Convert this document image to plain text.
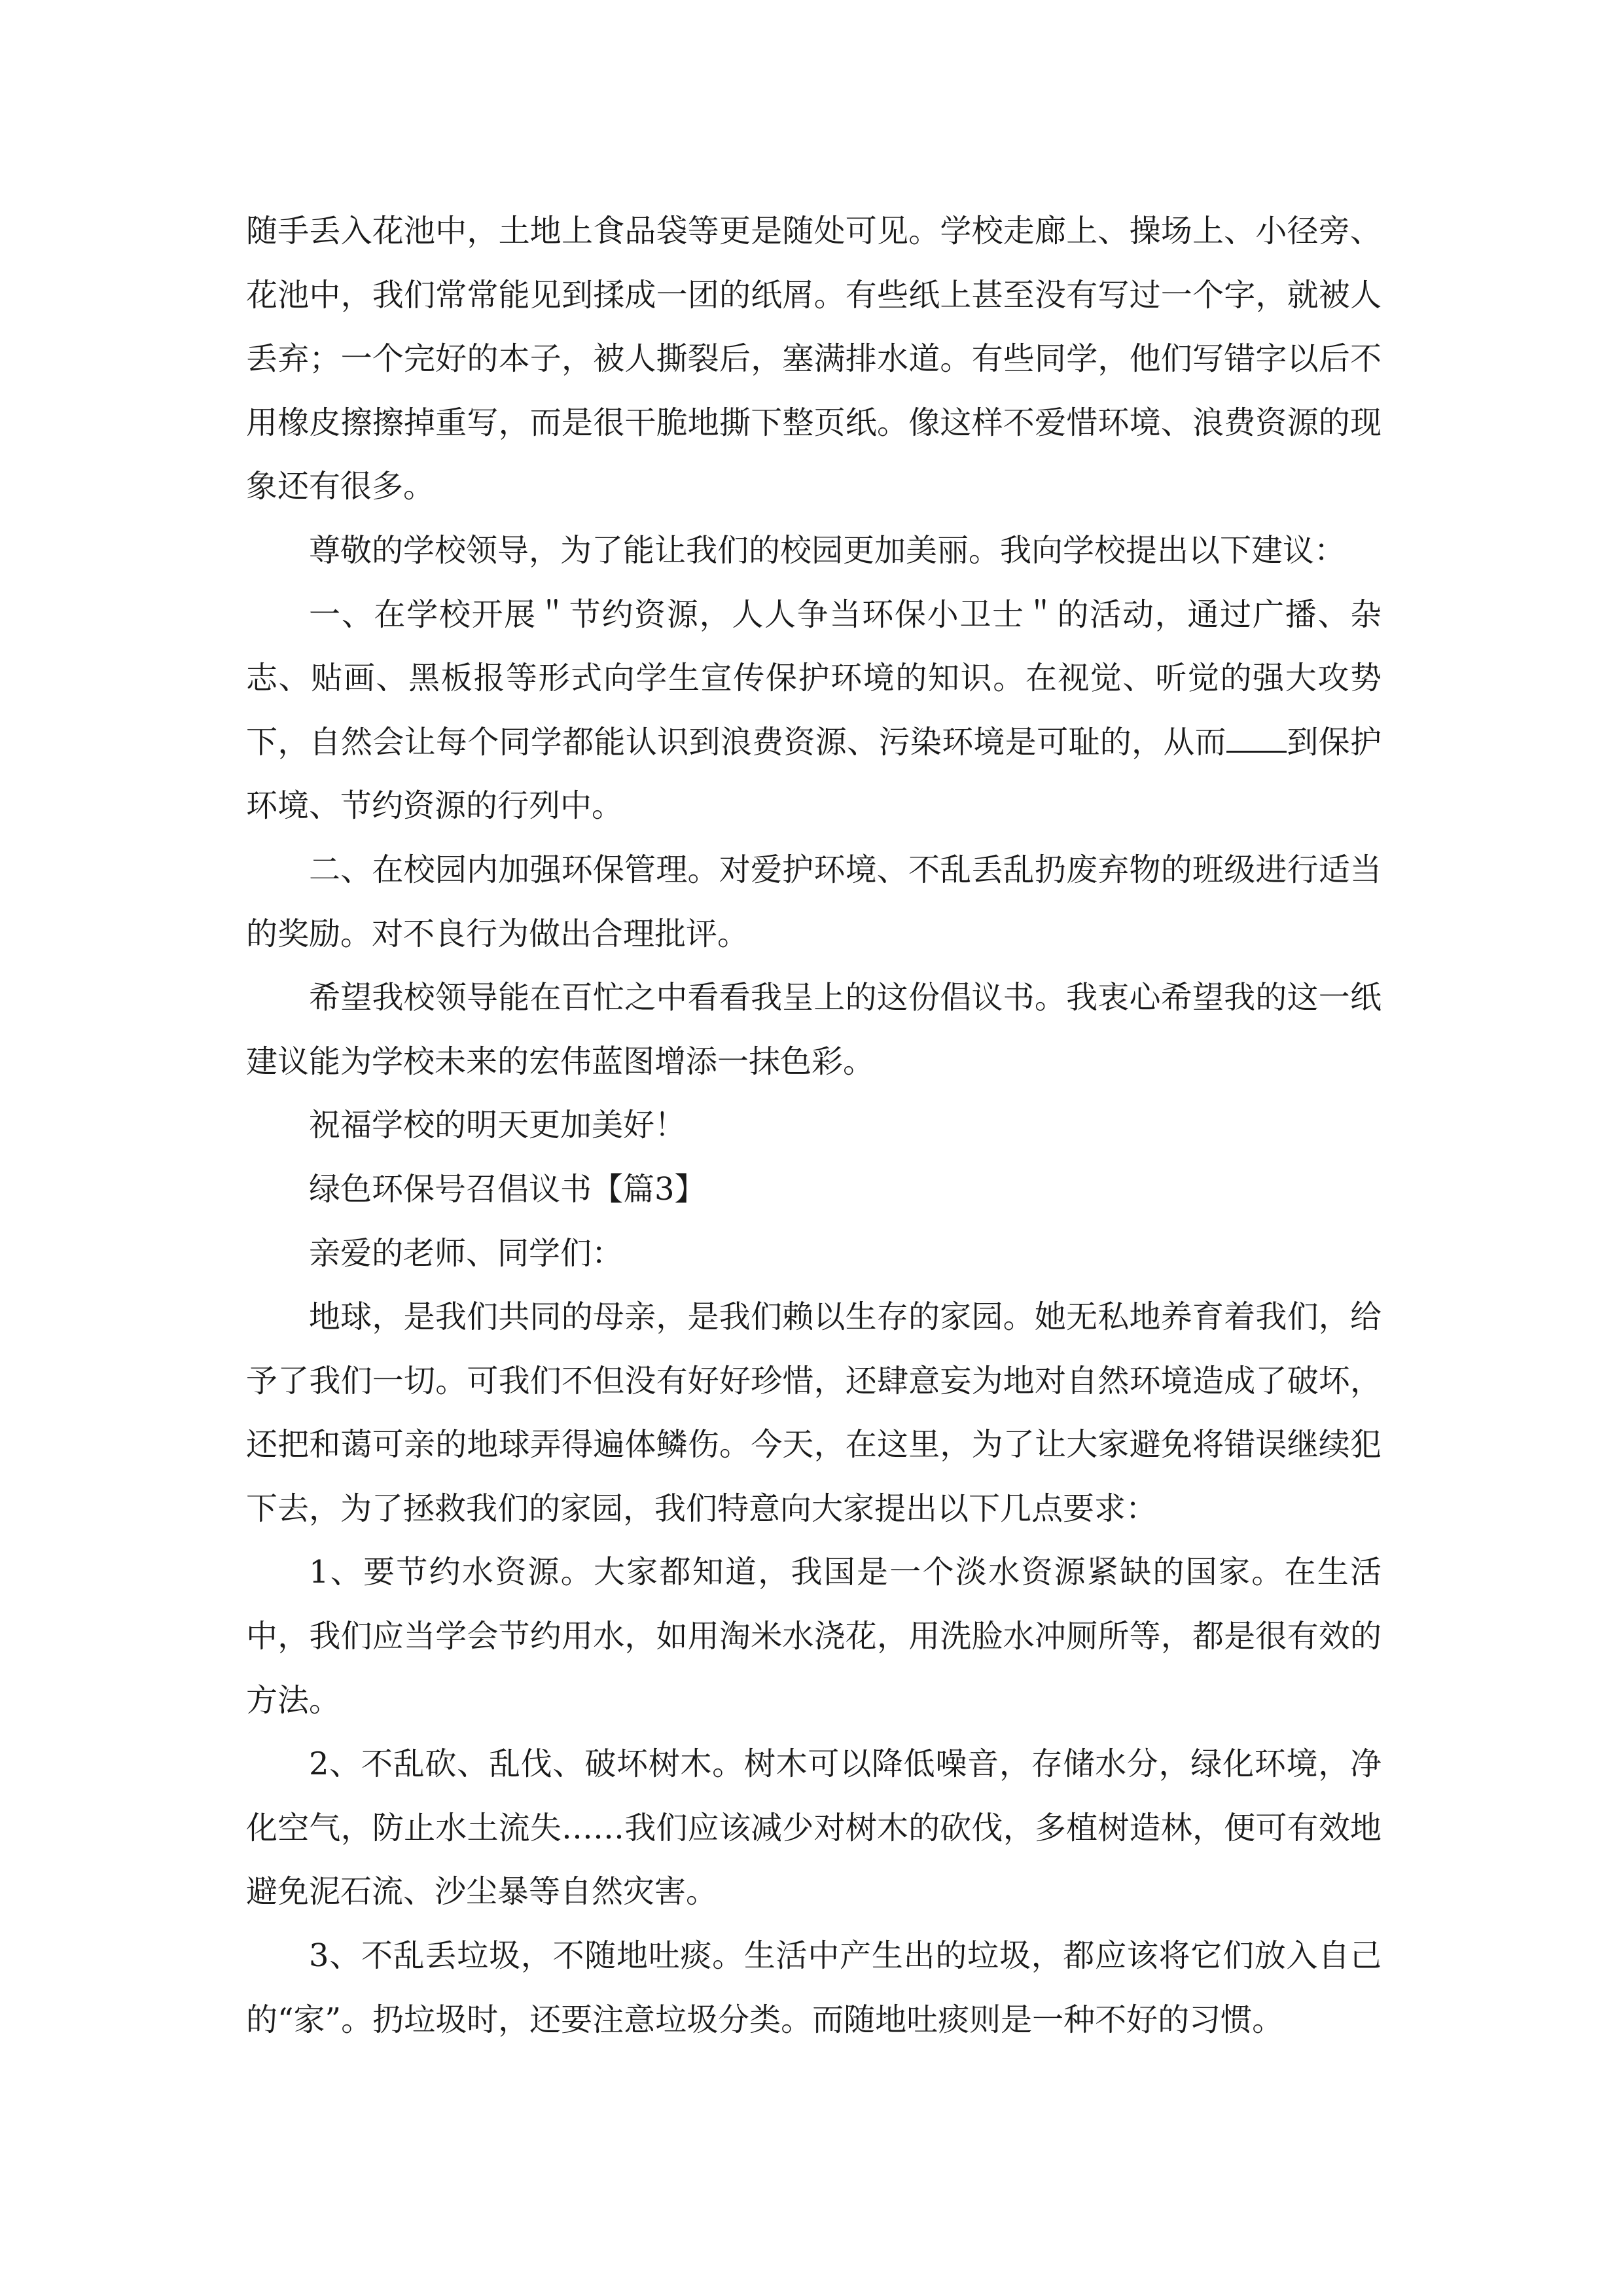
随手丢入花池中，土地上食品袋等更是随处可见。学校走廊上、操场上、小径旁、花池中，我们常常能见到揉成一团的纸屑。有些纸上甚至没有写过一个字，就被人丢弃；一个完好的本子，被人撕裂后，塞满排水道。有些同学，他们写错字以后不用橡皮擦擦掉重写，而是很干脆地撕下整页纸。像这样不爱惜环境、浪费资源的现象还有很多。

尊敬的学校领导，为了能让我们的校园更加美丽。我向学校提出以下建议：

一、在学校开展＂节约资源，人人争当环保小卫士＂的活动，通过广播、杂志、贴画、黑板报等形式向学生宣传保护环境的知识。在视觉、听觉的强大攻势下，自然会让每个同学都能认识到浪费资源、污染环境是可耻的，从而 到保护环境、节约资源的行列中。

二、在校园内加强环保管理。对爱护环境、不乱丢乱扔废弃物的班级进行适当的奖励。对不良行为做出合理批评。

希望我校领导能在百忙之中看看我呈上的这份倡议书。我衷心希望我的这一纸建议能为学校未来的宏伟蓝图增添一抹色彩。

祝福学校的明天更加美好！

绿色环保号召倡议书【篇3】

亲爱的老师、同学们：

地球，是我们共同的母亲，是我们赖以生存的家园。她无私地养育着我们，给予了我们一切。可我们不但没有好好珍惜，还肆意妄为地对自然环境造成了破坏，还把和蔼可亲的地球弄得遍体鳞伤。今天，在这里，为了让大家避免将错误继续犯下去，为了拯救我们的家园，我们特意向大家提出以下几点要求：

1、要节约水资源。大家都知道，我国是一个淡水资源紧缺的国家。在生活中，我们应当学会节约用水，如用淘米水浇花，用洗脸水冲厕所等，都是很有效的方法。

2、不乱砍、乱伐、破坏树木。树木可以降低噪音，存储水分，绿化环境，净化空气，防止水土流失……我们应该减少对树木的砍伐，多植树造林，便可有效地避免泥石流、沙尘暴等自然灾害。

3、不乱丢垃圾，不随地吐痰。生活中产生出的垃圾，都应该将它们放入自己的“家”。扔垃圾时，还要注意垃圾分类。而随地吐痰则是一种不好的习惯。
